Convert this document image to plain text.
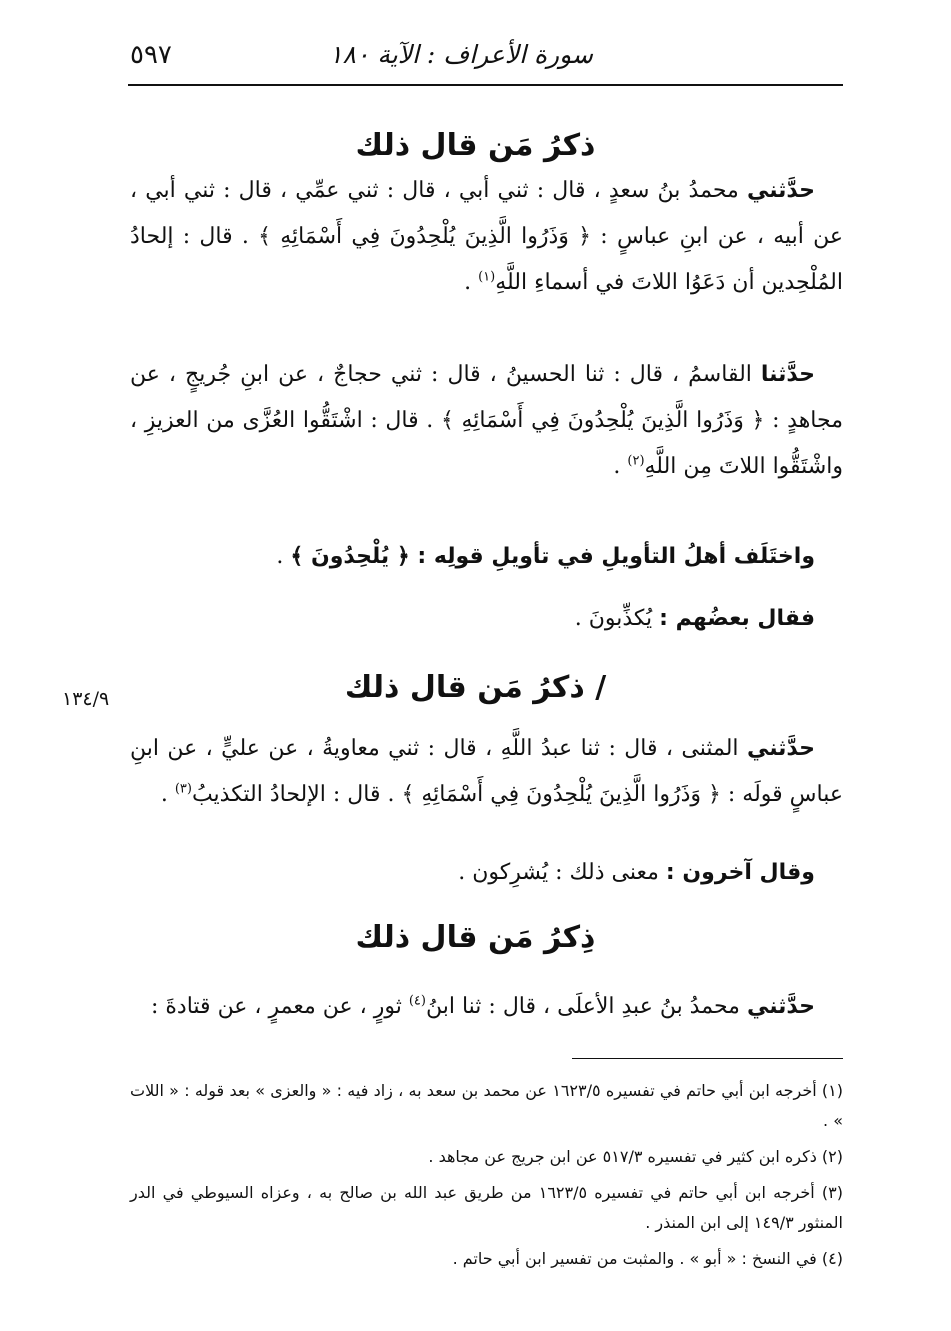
سورة الأعراف : الآية ١٨٠
٥٩٧
ذكرُ مَن قال ذلك

حدَّثني محمدُ بنُ سعدٍ ، قال : ثني أبي ، قال : ثني عمِّي ، قال : ثني أبي ، عن أبيه ، عن ابنِ عباسٍ : ﴿ وَذَرُوا الَّذِينَ يُلْحِدُونَ فِي أَسْمَائِهِ ﴾ . قال : إلحادُ المُلْحِدين أن دَعَوُا اللاتَ في أسماءِ اللَّهِ$^{(١)}$ .

حدَّثنا القاسمُ ، قال : ثنا الحسينُ ، قال : ثني حجاجٌ ، عن ابنِ جُريجٍ ، عن مجاهدٍ : ﴿ وَذَرُوا الَّذِينَ يُلْحِدُونَ فِي أَسْمَائِهِ ﴾ . قال : اشْتَقُّوا العُزَّى من العزيزِ ، واشْتَقُّوا اللاتَ مِن اللَّهِ$^{(٢)}$ .

واختَلَف أهلُ التأويلِ في تأويلِ قولِه : ﴿ يُلْحِدُونَ ﴾ .

فقال بعضُهم : يُكذِّبونَ .

١٣٤/٩	/ ذكرُ مَن قال ذلك

حدَّثني المثنى ، قال : ثنا عبدُ اللَّهِ ، قال : ثني معاويةُ ، عن عليٍّ ، عن ابنِ عباسٍ قولَه : ﴿ وَذَرُوا الَّذِينَ يُلْحِدُونَ فِي أَسْمَائِهِ ﴾ . قال : الإلحادُ التكذيبُ$^{(٣)}$ .

وقال آخرون : معنى ذلك : يُشرِكون .

ذِكرُ مَن قال ذلك

حدَّثني محمدُ بنُ عبدِ الأعلَى ، قال : ثنا ابنُ$^{(٤)}$ ثورٍ ، عن معمرٍ ، عن قتادةَ :

(١) أخرجه ابن أبي حاتم في تفسيره ١٦٢٣/٥ عن محمد بن سعد به ، زاد فيه : « والعزى » بعد قوله : « اللات » .

(٢) ذكره ابن كثير في تفسيره ٥١٧/٣ عن ابن جريج عن مجاهد .

(٣) أخرجه ابن أبي حاتم في تفسيره ١٦٢٣/٥ من طريق عبد الله بن صالح به ، وعزاه السيوطي في الدر المنثور ١٤٩/٣ إلى ابن المنذر .

(٤) في النسخ : « أبو » . والمثبت من تفسير ابن أبي حاتم .
